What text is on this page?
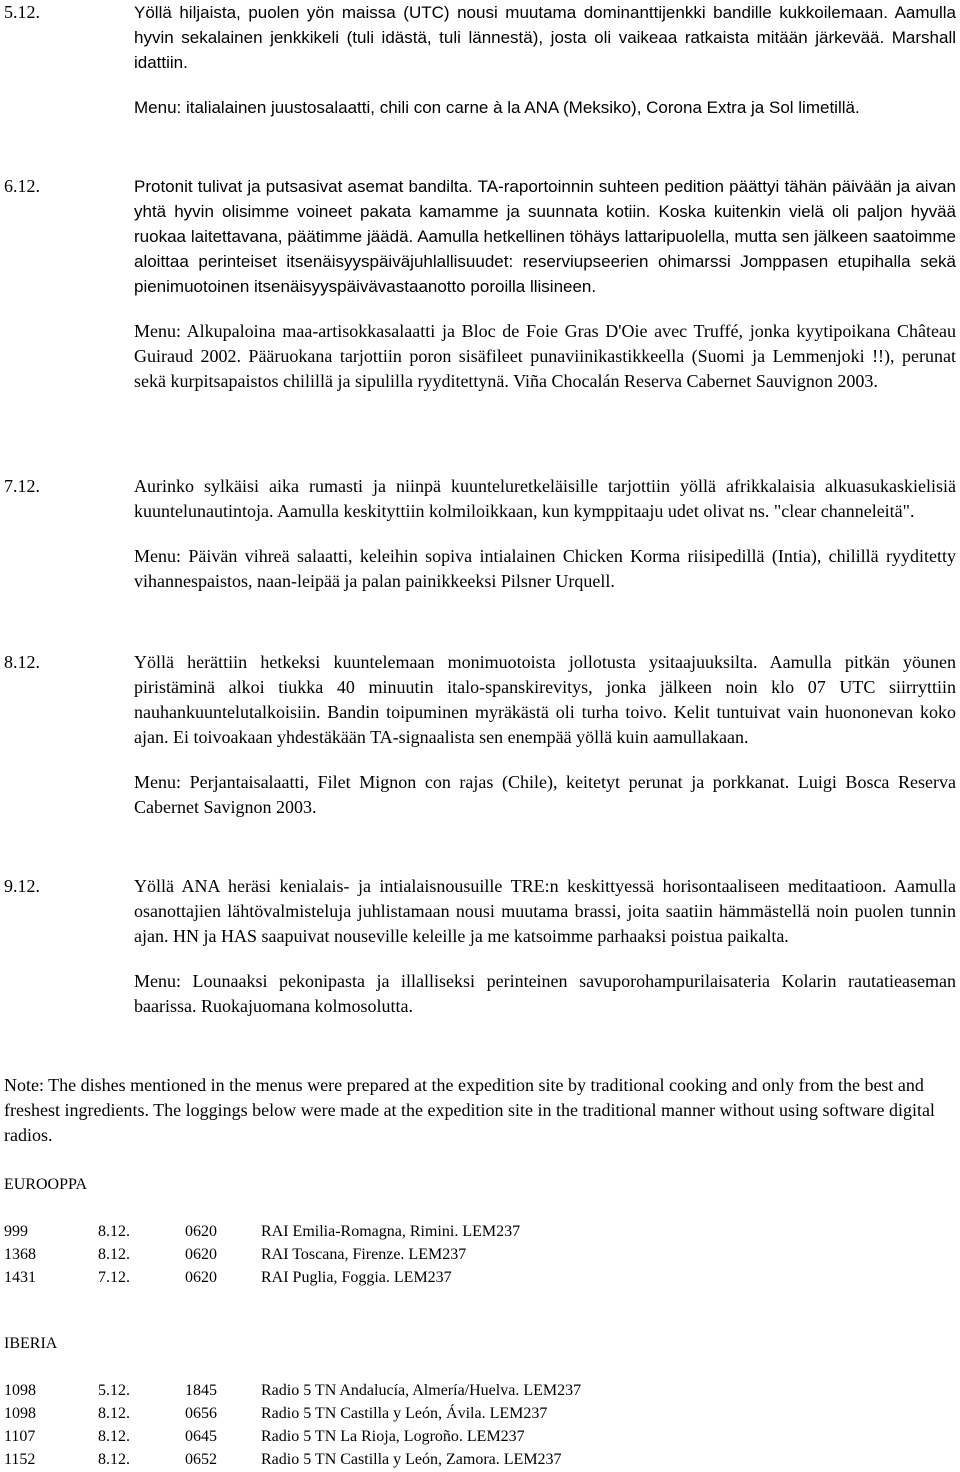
5.12.	Yöllä hiljaista, puolen yön maissa (UTC) nousi muutama dominanttijenkki bandille kukkoilemaan. Aamulla hyvin sekalainen jenkkikeli (tuli idästä, tuli lännestä), josta oli vaikeaa ratkaista mitään järkevää. Marshall idattiin.

Menu: italialainen juustosalaatti, chili con carne à la ANA (Meksiko), Corona Extra ja Sol limetillä.

6.12.	Protonit tulivat ja putsasivat asemat bandilta. TA-raportoinnin suhteen pedition päättyi tähän päivään ja aivan yhtä hyvin olisimme voineet pakata kamamme ja suunnata kotiin. Koska kuitenkin vielä oli paljon hyvää ruokaa laitettavana, päätimme jäädä. Aamulla hetkellinen töhäys lattaripuolella, mutta sen jälkeen saatoimme aloittaa perinteiset itsenäisyyspäiväjuhlallisuudet: reserviupseerien ohimarssi Jomppasen etupihalla sekä pienimuotoinen itsenäisyyspäivävastaanotto poroilla llisineen.

Menu: Alkupaloina maa-artisokkasalaatti ja Bloc de Foie Gras D'Oie avec Truffé, jonka kyytipoikana Château Guiraud 2002. Pääruokana tarjottiin poron sisäfileet punaviinikastikkeella (Suomi ja Lemmenjoki !!), perunat sekä kurpitsapaistos chilillä ja sipulilla ryyditettynä. Viña Chocalán Reserva Cabernet Sauvignon 2003.

7.12.	Aurinko sylkäisi aika rumasti ja niinpä kuunteluretkeläisille tarjottiin yöllä afrikkalaisia alkuasukaskielisiä kuuntelunautintoja. Aamulla keskityttiin kolmiloikkaan, kun kymppitaaju udet olivat ns. "clear channeleitä".

Menu: Päivän vihreä salaatti, keleihin sopiva intialainen Chicken Korma riisipedillä (Intia), chilillä ryyditetty vihannespaistos, naan-leipää ja palan painikkeeksi Pilsner Urquell.

8.12.	Yöllä herättiin hetkeksi kuuntelemaan monimuotoista jollotusta ysitaajuuksilta. Aamulla pitkän yöunen piristäminä alkoi tiukka 40 minuutin italo-spanskirevitys, jonka jälkeen noin klo 07 UTC siirryttiin nauhankuuntelutalkoisiin. Bandin toipuminen myräkästä oli turha toivo. Kelit tuntuivat vain huononevan koko ajan. Ei toivoakaan yhdestäkään TA-signaalista sen enempää yöllä kuin aamullakaan.

Menu: Perjantaisalaatti, Filet Mignon con rajas (Chile), keitetyt perunat ja porkkanat. Luigi Bosca Reserva Cabernet Savignon 2003.

9.12.	Yöllä ANA heräsi kenialais- ja intialaisnousuille TRE:n keskittyessä horisontaaliseen meditaatioon. Aamulla osanottajien lähtövalmisteluja juhlistamaan nousi muutama brassi, joita saatiin hämmästellä noin puolen tunnin ajan. HN ja HAS saapuivat nouseville keleille ja me katsoimme parhaaksi poistua paikalta.

Menu: Lounaaksi pekonipasta ja illalliseksi perinteinen savuporohampurilaisateria Kolarin rautatieaseman baarissa. Ruokajuomana kolmosolutta.

Note: The dishes mentioned in the menus were prepared at the expedition site by traditional cooking and only from the best and freshest ingredients. The loggings below were made at the expedition site in the traditional manner without using software digital radios.
EUROOPPA
999	8.12.	0620	RAI Emilia-Romagna, Rimini. LEM237
1368	8.12.	0620	RAI Toscana, Firenze. LEM237
1431	7.12.	0620	RAI Puglia, Foggia. LEM237
IBERIA
1098	5.12.	1845	Radio 5 TN Andalucía, Almería/Huelva. LEM237
1098	8.12.	0656	Radio 5 TN Castilla y León, Ávila. LEM237
1107	8.12.	0645	Radio 5 TN La Rioja, Logroño. LEM237
1152	8.12.	0652	Radio 5 TN Castilla y León, Zamora. LEM237
